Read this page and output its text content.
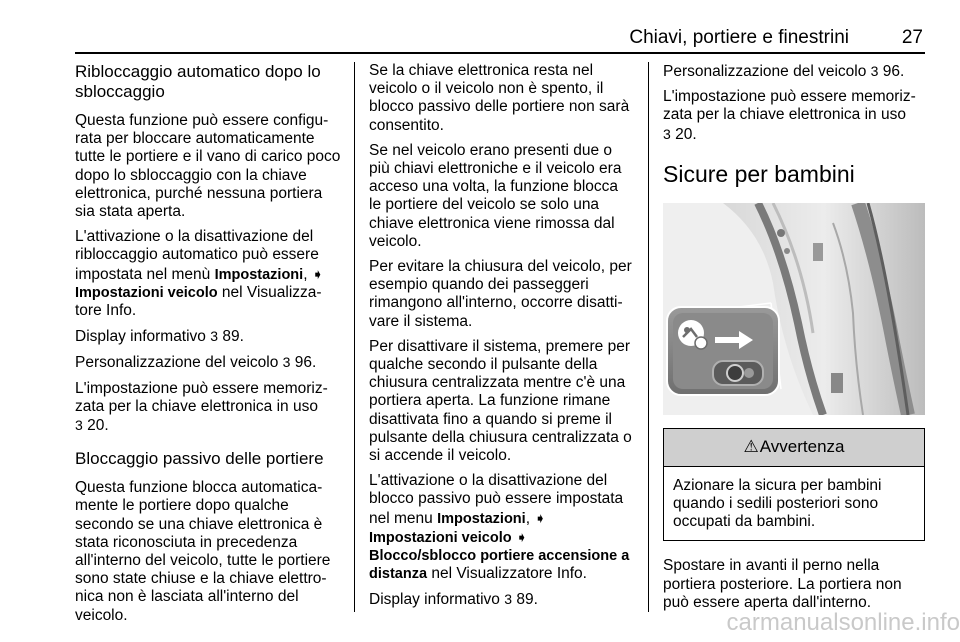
Chiavi, portiere e finestrini	27
Ribloccaggio automatico dopo lo sbloccaggio

Questa funzione può essere configu-rata per bloccare automaticamente tutte le portiere e il vano di carico poco dopo lo sbloccaggio con la chiave elettronica, purché nessuna portiera sia stata aperta.

L'attivazione o la disattivazione del ribloccaggio automatico può essere impostata nel menù Impostazioni, ➧
Impostazioni veicolo nel Visualizza-tore Info.

Display informativo 3 89.

Personalizzazione del veicolo 3 96.

L'impostazione può essere memoriz-zata per la chiave elettronica in uso
3 20.

Bloccaggio passivo delle portiere

Questa funzione blocca automatica-mente le portiere dopo qualche secondo se una chiave elettronica è stata riconosciuta in precedenza all'interno del veicolo, tutte le portiere sono state chiuse e la chiave elettro-nica non è lasciata all'interno del veicolo.

Se la chiave elettronica resta nel veicolo o il veicolo non è spento, il blocco passivo delle portiere non sarà consentito.

Se nel veicolo erano presenti due o più chiavi elettroniche e il veicolo era acceso una volta, la funzione blocca le portiere del veicolo se solo una chiave elettronica viene rimossa dal veicolo.

Per evitare la chiusura del veicolo, per esempio quando dei passeggeri rimangono all'interno, occorre disatti-vare il sistema.

Per disattivare il sistema, premere per qualche secondo il pulsante della chiusura centralizzata mentre c'è una portiera aperta. La funzione rimane disattivata fino a quando si preme il pulsante della chiusura centralizzata o si accende il veicolo.

L'attivazione o la disattivazione del blocco passivo può essere impostata nel menu Impostazioni, ➧
Impostazioni veicolo ➧ Blocco/sblocco portiere accensione a distanza nel Visualizzatore Info.

Display informativo 3 89.

Personalizzazione del veicolo 3 96.

L'impostazione può essere memoriz-zata per la chiave elettronica in uso
3 20.

Sicure per bambini
⚠ Avvertenza

Azionare la sicura per bambini quando i sedili posteriori sono occupati da bambini.

Spostare in avanti il perno nella portiera posteriore. La portiera non può essere aperta dall'interno.

carmanualsonline.info
